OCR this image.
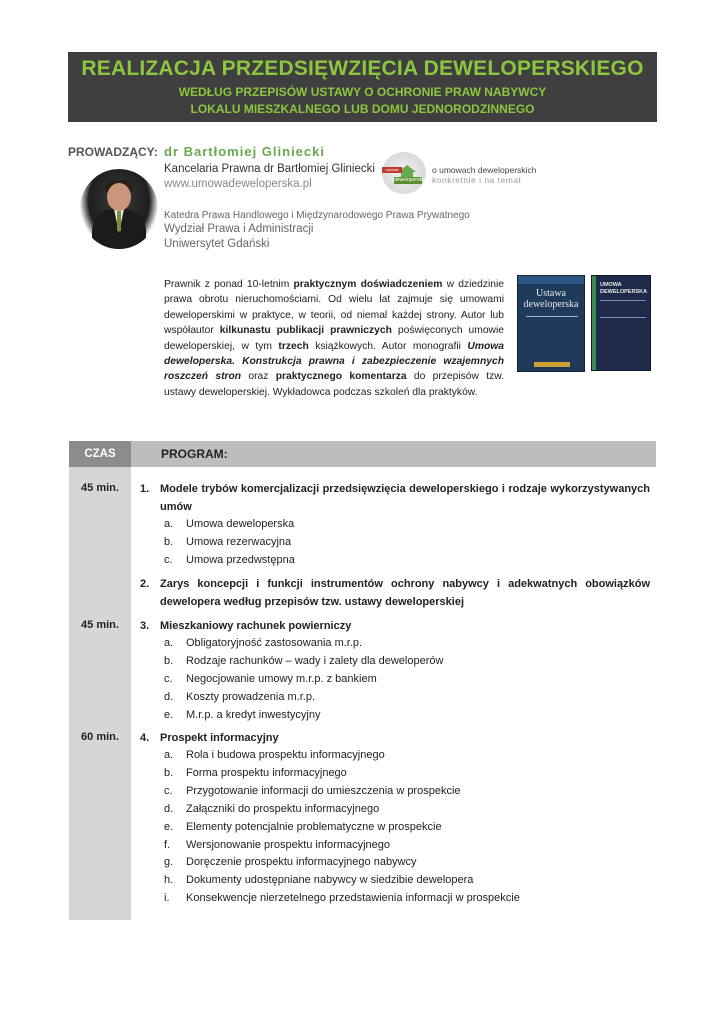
REALIZACJA PRZEDSIĘWZIĘCIA DEWELOPERSKIEGO
WEDŁUG PRZEPISÓW USTAWY O OCHRONIE PRAW NABYWCY
LOKALU MIESZKALNEGO LUB DOMU JEDNORODZINNEGO
PROWADZĄCY: dr Bartłomiej Gliniecki
Kancelaria Prawna dr Bartłomiej Gliniecki
www.umowadeweloperska.pl
umowa
deweloperska
o umowach deweloperskich
konkretnie i na temat
Katedra Prawa Handlowego i Międzynarodowego Prawa Prywatnego
Wydział Prawa i Administracji
Uniwersytet Gdański
Prawnik z ponad 10-letnim praktycznym doświadczeniem w dziedzinie prawa obrotu nieruchomościami. Od wielu lat zajmuje się umowami deweloperskimi w praktyce, w teorii, od niemal każdej strony. Autor lub współautor kilkunastu publikacji prawniczych poświęconych umowie deweloperskiej, w tym trzech książkowych. Autor monografii Umowa deweloperska. Konstrukcja prawna i zabezpieczenie wzajemnych roszczeń stron oraz praktycznego komentarza do przepisów tzw. ustawy deweloperskiej. Wykładowca podczas szkoleń dla praktyków.
Ustawa
deweloperska
UMOWA
DEWELOPERSKA
CZAS	PROGRAM:
45 min.	1. Modele trybów komercjalizacji przedsięwzięcia deweloperskiego i rodzaje wykorzystywanych umów
a. Umowa deweloperska
b. Umowa rezerwacyjna
c. Umowa przedwstępna
2. Zarys koncepcji i funkcji instrumentów ochrony nabywcy i adekwatnych obowiązków dewelopera według przepisów tzw. ustawy deweloperskiej
45 min.	3. Mieszkaniowy rachunek powierniczy
a. Obligatoryjność zastosowania m.r.p.
b. Rodzaje rachunków – wady i zalety dla deweloperów
c. Negocjowanie umowy m.r.p. z bankiem
d. Koszty prowadzenia m.r.p.
e. M.r.p. a kredyt inwestycyjny
60 min.	4. Prospekt informacyjny
a. Rola i budowa prospektu informacyjnego
b. Forma prospektu informacyjnego
c. Przygotowanie informacji do umieszczenia w prospekcie
d. Załączniki do prospektu informacyjnego
e. Elementy potencjalnie problematyczne w prospekcie
f. Wersjonowanie prospektu informacyjnego
g. Doręczenie prospektu informacyjnego nabywcy
h. Dokumenty udostępniane nabywcy w siedzibie dewelopera
i. Konsekwencje nierzetelnego przedstawienia informacji w prospekcie
